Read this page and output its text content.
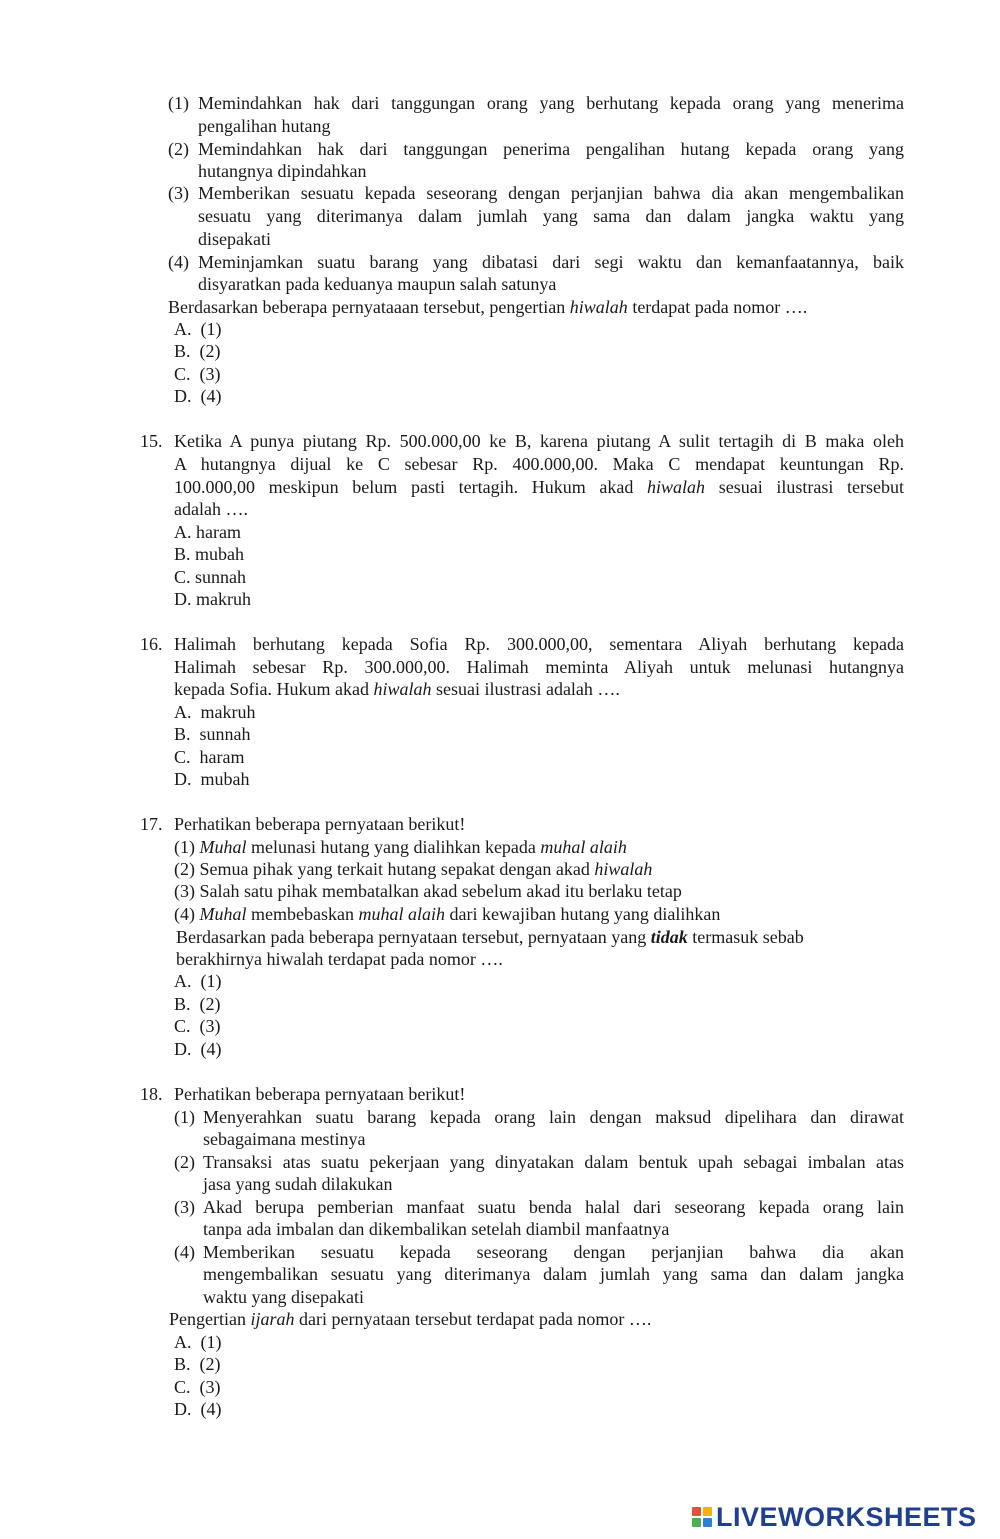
(1) Memindahkan hak dari tanggungan orang yang berhutang kepada orang yang menerima
pengalihan hutang
(2) Memindahkan hak dari tanggungan penerima pengalihan hutang kepada orang yang
hutangnya dipindahkan
(3) Memberikan sesuatu kepada seseorang dengan perjanjian bahwa dia akan mengembalikan
sesuatu yang diterimanya dalam jumlah yang sama dan dalam jangka waktu yang
disepakati
(4) Meminjamkan suatu barang yang dibatasi dari segi waktu dan kemanfaatannya, baik
disyaratkan pada keduanya maupun salah satunya
Berdasarkan beberapa pernyataaan tersebut, pengertian hiwalah terdapat pada nomor ….
A. (1)
B. (2)
C. (3)
D. (4)
15. Ketika A punya piutang Rp. 500.000,00 ke B, karena piutang A sulit tertagih di B maka oleh
A hutangnya dijual ke C sebesar Rp. 400.000,00. Maka C mendapat keuntungan Rp.
100.000,00 meskipun belum pasti tertagih. Hukum akad hiwalah sesuai ilustrasi tersebut
adalah ….
A. haram
B. mubah
C. sunnah
D. makruh
16. Halimah berhutang kepada Sofia Rp. 300.000,00, sementara Aliyah berhutang kepada
Halimah sebesar Rp. 300.000,00. Halimah meminta Aliyah untuk melunasi hutangnya
kepada Sofia. Hukum akad hiwalah sesuai ilustrasi adalah ….
A. makruh
B. sunnah
C. haram
D. mubah
17. Perhatikan beberapa pernyataan berikut!
(1) Muhal melunasi hutang yang dialihkan kepada muhal alaih
(2) Semua pihak yang terkait hutang sepakat dengan akad hiwalah
(3) Salah satu pihak membatalkan akad sebelum akad itu berlaku tetap
(4) Muhal membebaskan muhal alaih dari kewajiban hutang yang dialihkan
Berdasarkan pada beberapa pernyataan tersebut, pernyataan yang tidak termasuk sebab
berakhirnya hiwalah terdapat pada nomor ….
A. (1)
B. (2)
C. (3)
D. (4)
18. Perhatikan beberapa pernyataan berikut!
(1) Menyerahkan suatu barang kepada orang lain dengan maksud dipelihara dan dirawat
sebagaimana mestinya
(2) Transaksi atas suatu pekerjaan yang dinyatakan dalam bentuk upah sebagai imbalan atas
jasa yang sudah dilakukan
(3) Akad berupa pemberian manfaat suatu benda halal dari seseorang kepada orang lain
tanpa ada imbalan dan dikembalikan setelah diambil manfaatnya
(4) Memberikan sesuatu kepada seseorang dengan perjanjian bahwa dia akan
mengembalikan sesuatu yang diterimanya dalam jumlah yang sama dan dalam jangka
waktu yang disepakati
Pengertian ijarah dari pernyataan tersebut terdapat pada nomor ….
A. (1)
B. (2)
C. (3)
D. (4)
LIVEWORKSHEETS
